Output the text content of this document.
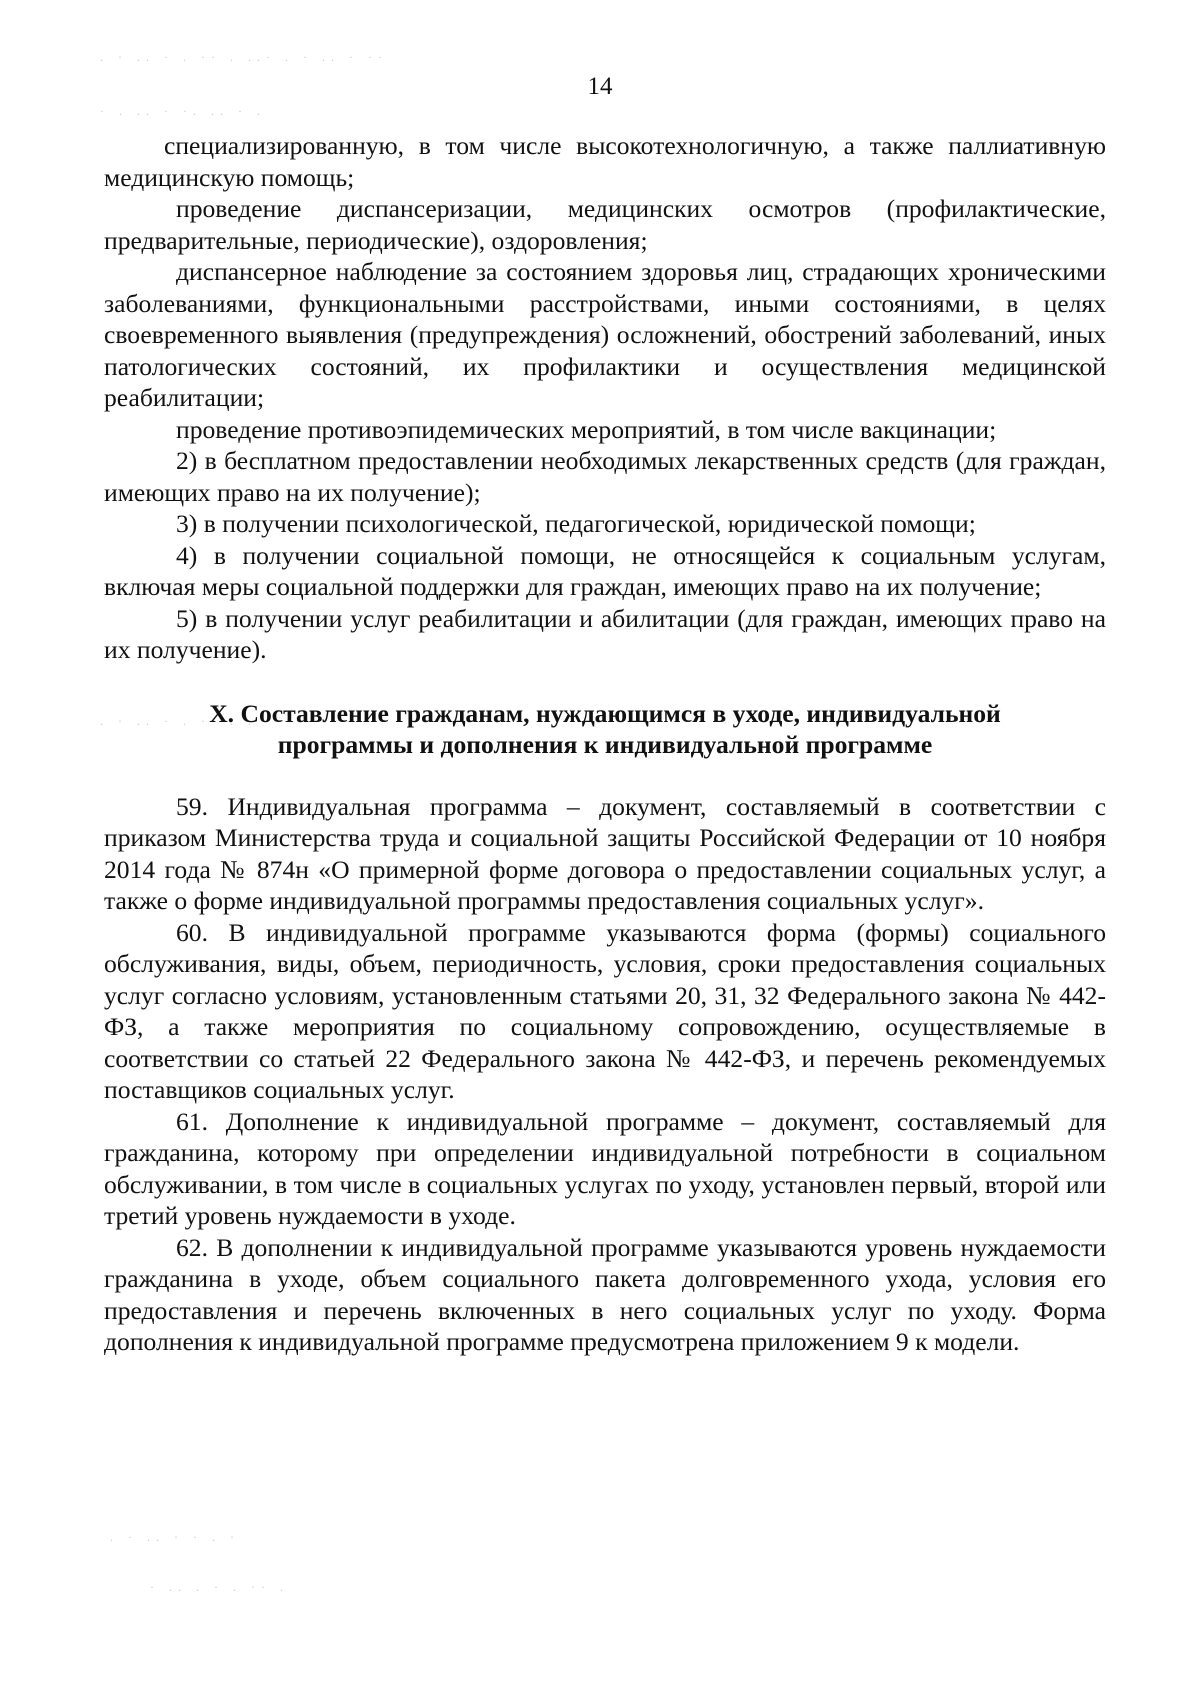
. · .. · . ·· . ..· . · .. · ··
· . .. · ·. .. · .
. · .. · . ·· . .
. · .. · · . ·
· .. . · . ·· .
14

специализированную, в том числе высокотехнологичную, а также паллиативную медицинскую помощь;

проведение диспансеризации, медицинских осмотров (профилактические, предварительные, периодические), оздоровления;

диспансерное наблюдение за состоянием здоровья лиц, страдающих хроническими заболеваниями, функциональными расстройствами, иными состояниями, в целях своевременного выявления (предупреждения) осложнений, обострений заболеваний, иных патологических состояний, их профилактики и осуществления медицинской реабилитации;

проведение противоэпидемических мероприятий, в том числе вакцинации;

2) в бесплатном предоставлении необходимых лекарственных средств (для граждан, имеющих право на их получение);

3) в получении психологической, педагогической, юридической помощи;

4) в получении социальной помощи, не относящейся к социальным услугам, включая меры социальной поддержки для граждан, имеющих право на их получение;

5) в получении услуг реабилитации и абилитации (для граждан, имеющих право на их получение).

X. Составление гражданам, нуждающимся в уходе, индивидуальной программы и дополнения к индивидуальной программе

59. Индивидуальная программа – документ, составляемый в соответствии с приказом Министерства труда и социальной защиты Российской Федерации от 10 ноября 2014 года № 874н «О примерной форме договора о предоставлении социальных услуг, а также о форме индивидуальной программы предоставления социальных услуг».

60. В индивидуальной программе указываются форма (формы) социального обслуживания, виды, объем, периодичность, условия, сроки предоставления социальных услуг согласно условиям, установленным статьями 20, 31, 32 Федерального закона № 442-ФЗ, а также мероприятия по социальному сопровождению, осуществляемые в соответствии со статьей 22 Федерального закона № 442-ФЗ, и перечень рекомендуемых поставщиков социальных услуг.

61. Дополнение к индивидуальной программе – документ, составляемый для гражданина, которому при определении индивидуальной потребности в социальном обслуживании, в том числе в социальных услугах по уходу, установлен первый, второй или третий уровень нуждаемости в уходе.

62. В дополнении к индивидуальной программе указываются уровень нуждаемости гражданина в уходе, объем социального пакета долговременного ухода, условия его предоставления и перечень включенных в него социальных услуг по уходу. Форма дополнения к индивидуальной программе предусмотрена приложением 9 к модели.
